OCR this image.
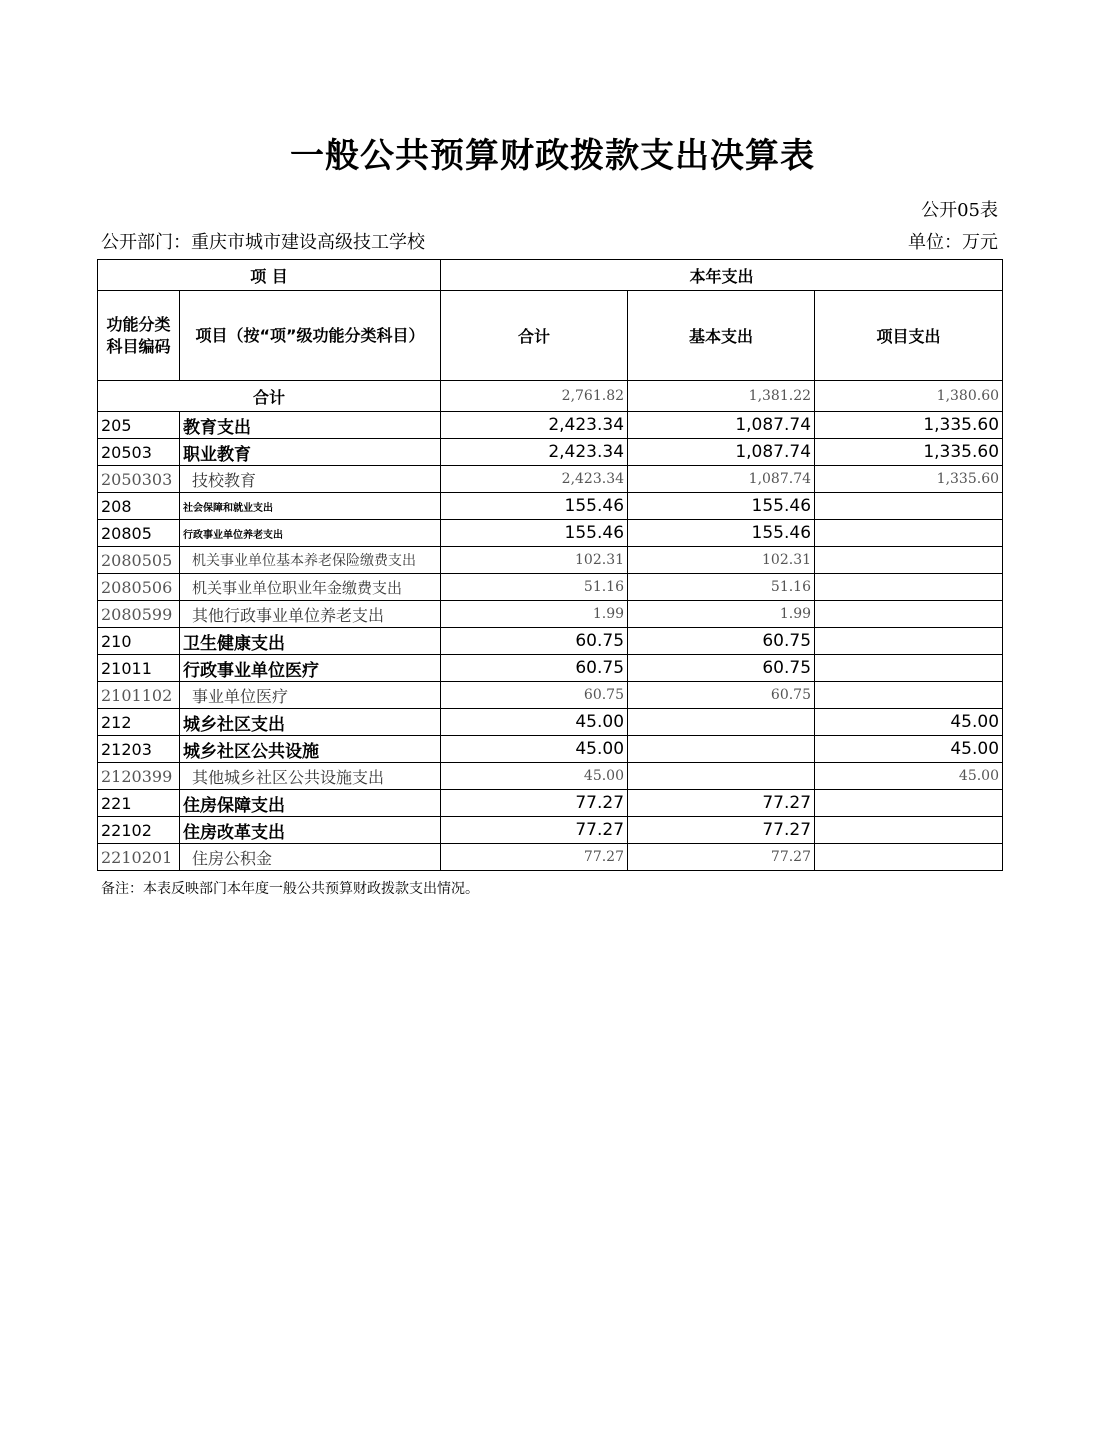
一般公共预算财政拨款支出决算表
公开05表
公开部门：重庆市城市建设高级技工学校	单位：万元
项 目		本年支出		
功能分类科目编码	项目（按“项”级功能分类科目）	合计	基本支出	项目支出
合计		2,761.82	1,381.22	1,380.60
205	教育支出	2,423.34	1,087.74	1,335.60
20503	职业教育	2,423.34	1,087.74	1,335.60
2050303	技校教育	2,423.34	1,087.74	1,335.60
208	社会保障和就业支出	155.46	155.46	
20805	行政事业单位养老支出	155.46	155.46	
2080505	机关事业单位基本养老保险缴费支出	102.31	102.31	
2080506	机关事业单位职业年金缴费支出	51.16	51.16	
2080599	其他行政事业单位养老支出	1.99	1.99	
210	卫生健康支出	60.75	60.75	
21011	行政事业单位医疗	60.75	60.75	
2101102	事业单位医疗	60.75	60.75	
212	城乡社区支出	45.00		45.00
21203	城乡社区公共设施	45.00		45.00
2120399	其他城乡社区公共设施支出	45.00		45.00
221	住房保障支出	77.27	77.27	
22102	住房改革支出	77.27	77.27	
2210201	住房公积金	77.27	77.27	
备注：本表反映部门本年度一般公共预算财政拨款支出情况。
